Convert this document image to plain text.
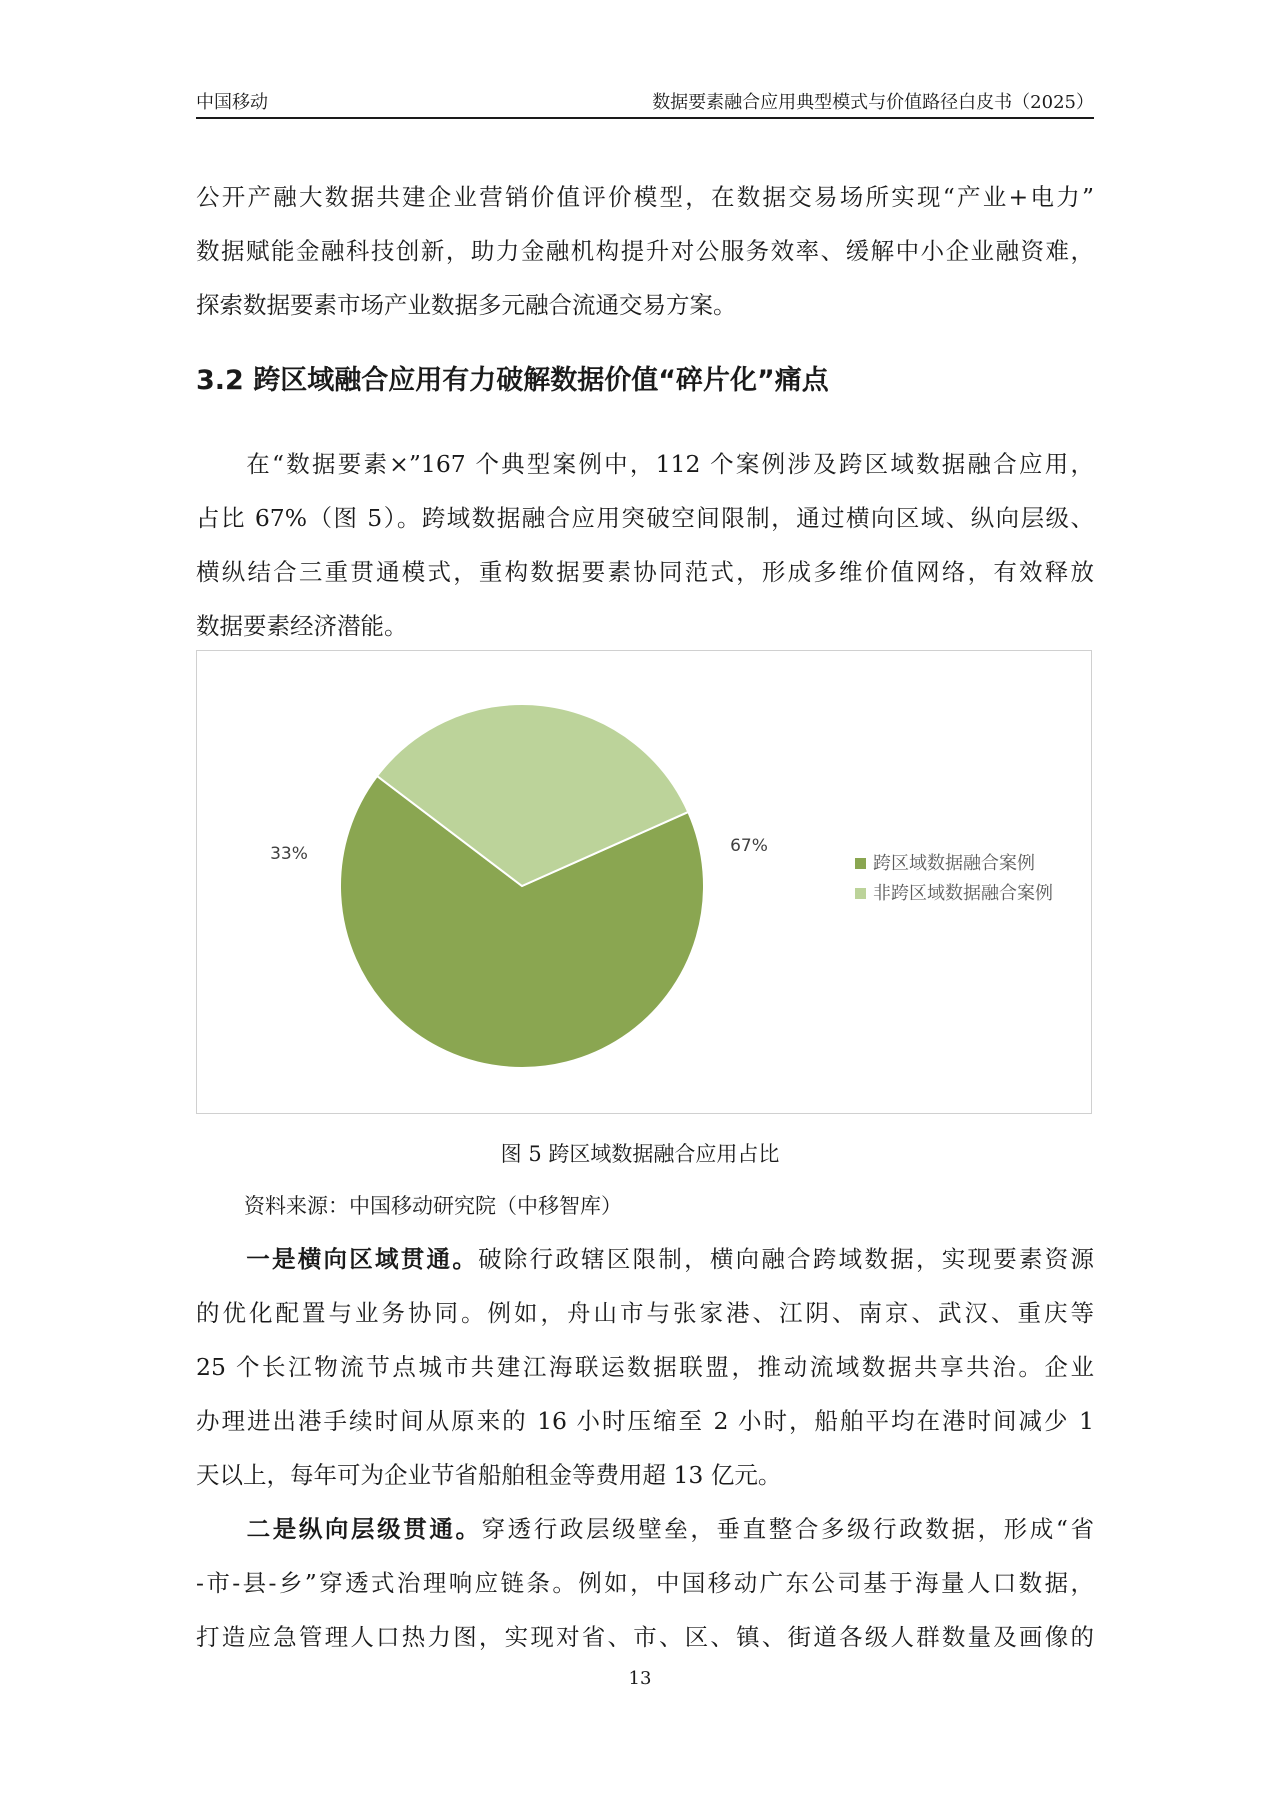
中国移动	数据要素融合应用典型模式与价值路径白皮书（2025）
公开产融大数据共建企业营销价值评价模型，在数据交易场所实现“产业+电力”
数据赋能金融科技创新，助力金融机构提升对公服务效率、缓解中小企业融资难，
探索数据要素市场产业数据多元融合流通交易方案。
3.2 跨区域融合应用有力破解数据价值“碎片化”痛点
在“数据要素×”167 个典型案例中，112 个案例涉及跨区域数据融合应用，
占比 67%（图 5）。跨域数据融合应用突破空间限制，通过横向区域、纵向层级、
横纵结合三重贯通模式，重构数据要素协同范式，形成多维价值网络，有效释放
数据要素经济潜能。
67%
33%	跨区域数据融合案例
非跨区域数据融合案例
图 5 跨区域数据融合应用占比
资料来源：中国移动研究院（中移智库）
一是横向区域贯通。破除行政辖区限制，横向融合跨域数据，实现要素资源
的优化配置与业务协同。例如，舟山市与张家港、江阴、南京、武汉、重庆等
25 个长江物流节点城市共建江海联运数据联盟，推动流域数据共享共治。企业
办理进出港手续时间从原来的 16 小时压缩至 2 小时，船舶平均在港时间减少 1
天以上，每年可为企业节省船舶租金等费用超 13 亿元。
二是纵向层级贯通。穿透行政层级壁垒，垂直整合多级行政数据，形成“省
-市-县-乡”穿透式治理响应链条。例如，中国移动广东公司基于海量人口数据，
打造应急管理人口热力图，实现对省、市、区、镇、街道各级人群数量及画像的
13
